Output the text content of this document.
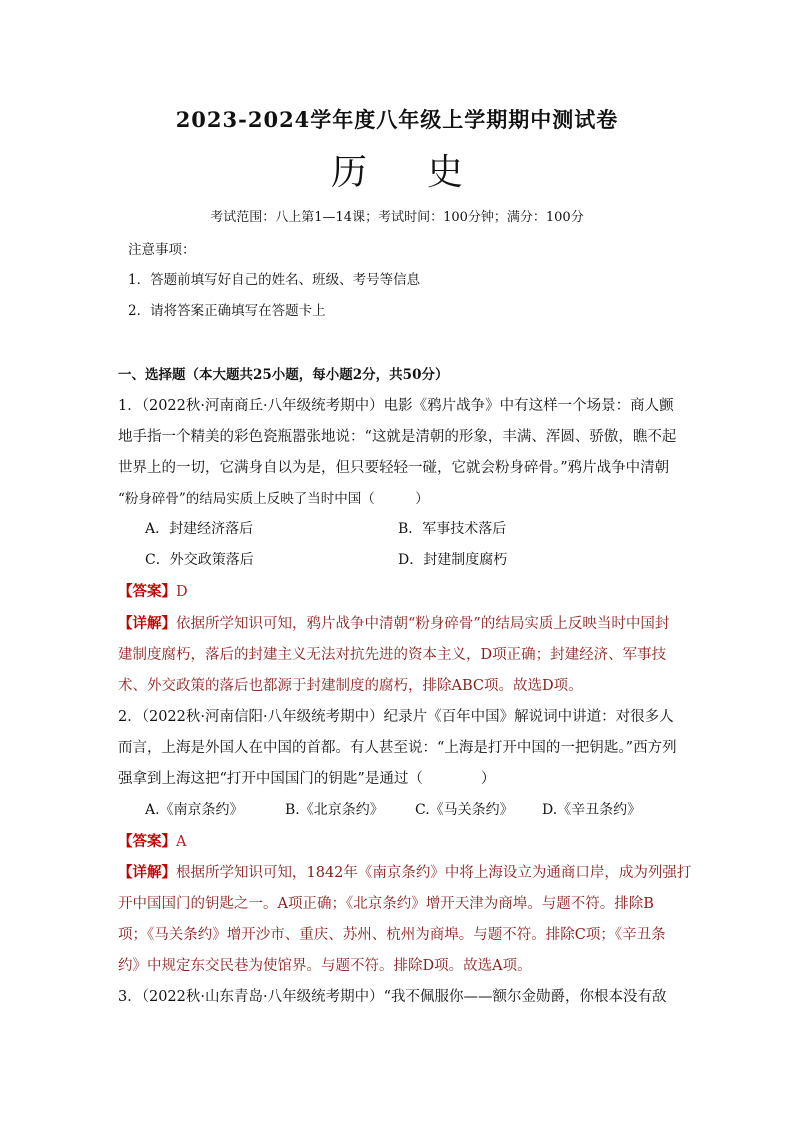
2023-2024学年度八年级上学期期中测试卷
历 史
考试范围：八上第1—14课；考试时间：100分钟；满分：100分
注意事项：
1．答题前填写好自己的姓名、班级、考号等信息
2．请将答案正确填写在答题卡上
一、选择题（本大题共25小题，每小题2分，共50分）
1．（2022秋·河南商丘·八年级统考期中）电影《鸦片战争》中有这样一个场景：商人颤
地手指一个精美的彩色瓷瓶嚣张地说：“这就是清朝的形象，丰满、浑圆、骄傲，瞧不起
世界上的一切，它满身自以为是，但只要轻轻一碰，它就会粉身碎骨。”鸦片战争中清朝
“粉身碎骨”的结局实质上反映了当时中国（　　　）
A．封建经济落后	B．军事技术落后
C．外交政策落后	D．封建制度腐朽
【答案】D
【详解】依据所学知识可知，鸦片战争中清朝“粉身碎骨”的结局实质上反映当时中国封
建制度腐朽，落后的封建主义无法对抗先进的资本主义，D项正确；封建经济、军事技
术、外交政策的落后也都源于封建制度的腐朽，排除ABC项。故选D项。
2．（2022秋·河南信阳·八年级统考期中）纪录片《百年中国》解说词中讲道：对很多人
而言，上海是外国人在中国的首都。有人甚至说：“上海是打开中国的一把钥匙。”西方列
强拿到上海这把“打开中国国门的钥匙”是通过（　　　　）
A.《南京条约》	B.《北京条约》 C.《马关条约》 D.《辛丑条约》
【答案】A
【详解】根据所学知识可知，1842年《南京条约》中将上海设立为通商口岸，成为列强打
开中国国门的钥匙之一。A项正确；《北京条约》增开天津为商埠。与题不符。排除B
项；《马关条约》增开沙市、重庆、苏州、杭州为商埠。与题不符。排除C项；《辛丑条
约》中规定东交民巷为使馆界。与题不符。排除D项。故选A项。
3．（2022秋·山东青岛·八年级统考期中）“我不佩服你——额尔金勋爵，你根本没有敌
